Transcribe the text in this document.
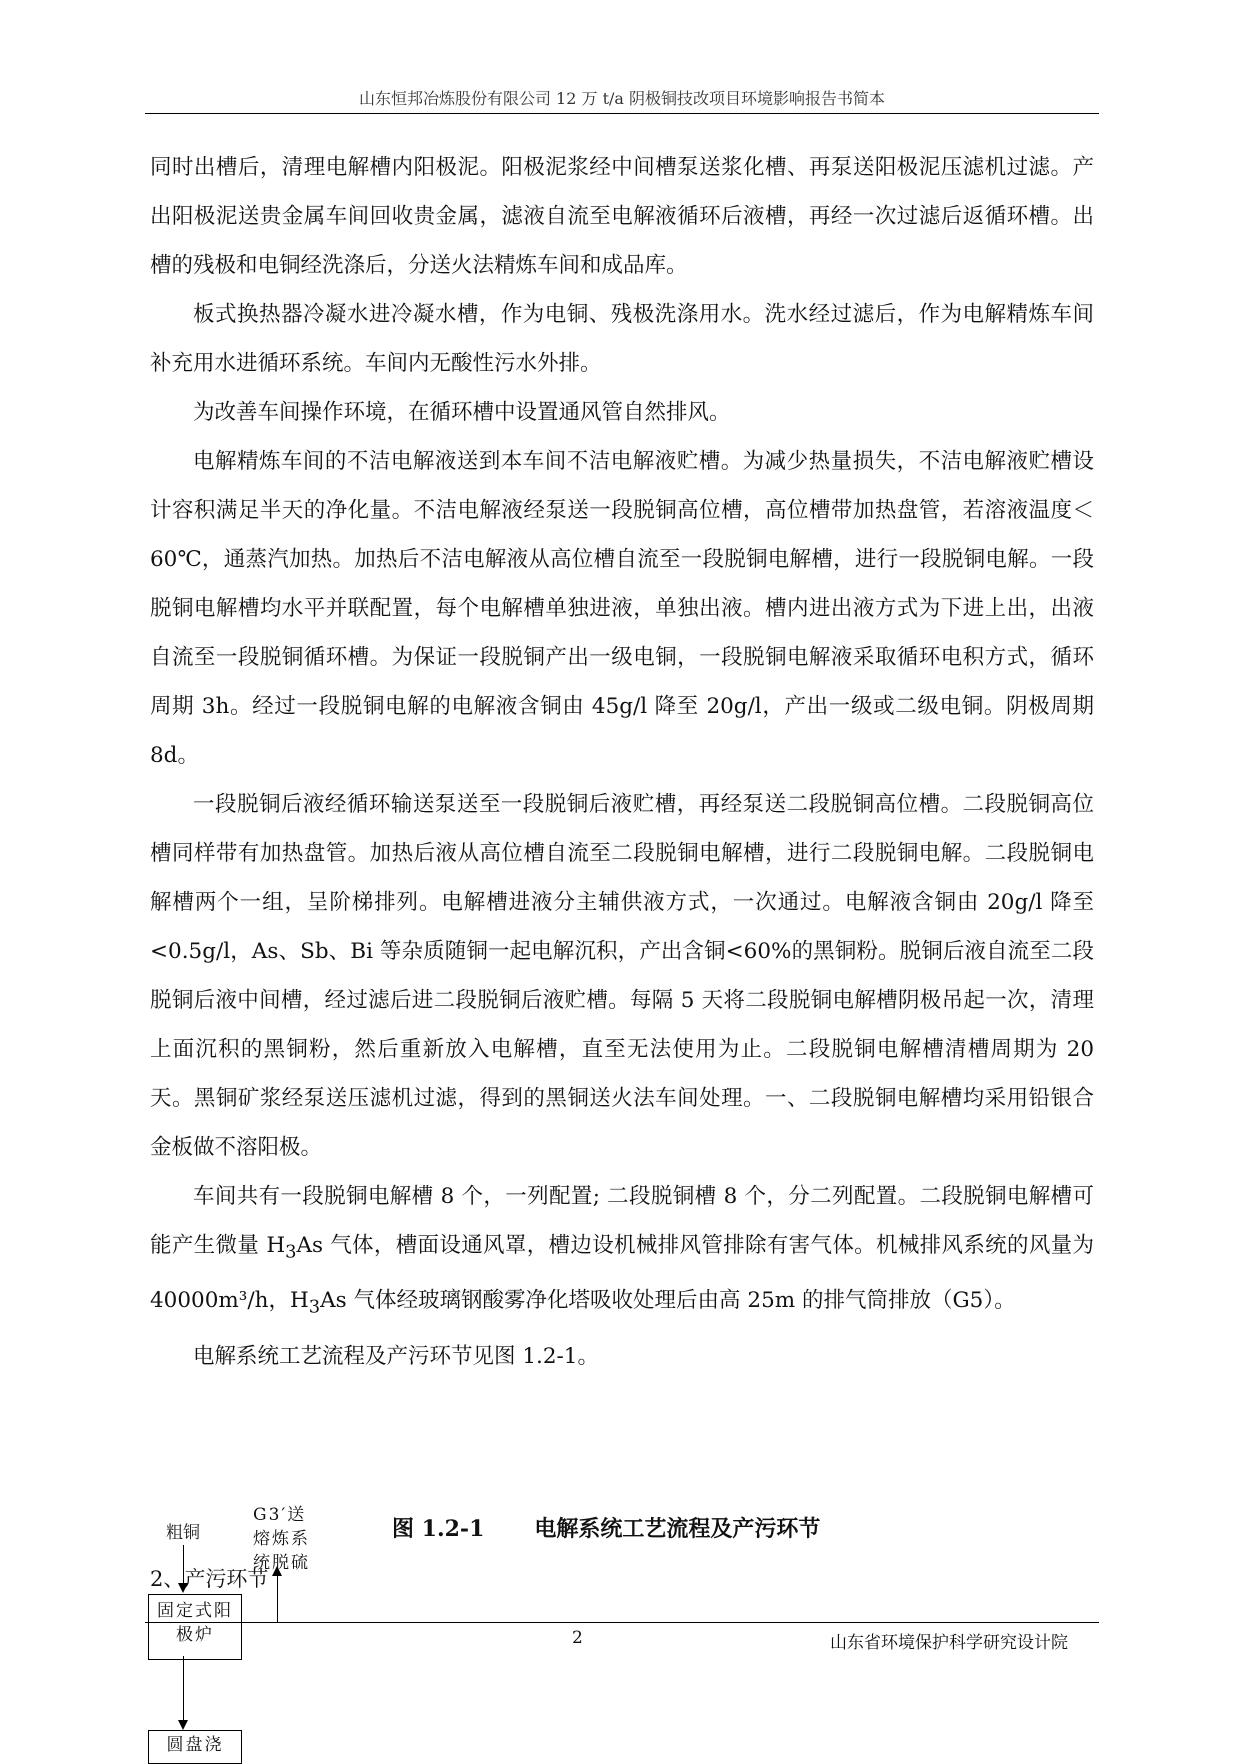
山东恒邦冶炼股份有限公司 12 万 t/a 阴极铜技改项目环境影响报告书简本

同时出槽后，清理电解槽内阳极泥。阳极泥浆经中间槽泵送浆化槽、再泵送阳极泥压滤机过滤。产出阳极泥送贵金属车间回收贵金属，滤液自流至电解液循环后液槽，再经一次过滤后返循环槽。出槽的残极和电铜经洗涤后，分送火法精炼车间和成品库。

板式换热器冷凝水进冷凝水槽，作为电铜、残极洗涤用水。洗水经过滤后，作为电解精炼车间补充用水进循环系统。车间内无酸性污水外排。

为改善车间操作环境，在循环槽中设置通风管自然排风。

电解精炼车间的不洁电解液送到本车间不洁电解液贮槽。为减少热量损失，不洁电解液贮槽设计容积满足半天的净化量。不洁电解液经泵送一段脱铜高位槽，高位槽带加热盘管，若溶液温度＜60℃，通蒸汽加热。加热后不洁电解液从高位槽自流至一段脱铜电解槽，进行一段脱铜电解。一段脱铜电解槽均水平并联配置，每个电解槽单独进液，单独出液。槽内进出液方式为下进上出，出液自流至一段脱铜循环槽。为保证一段脱铜产出一级电铜，一段脱铜电解液采取循环电积方式，循环周期 3h。经过一段脱铜电解的电解液含铜由 45g/l 降至 20g/l，产出一级或二级电铜。阴极周期 8d。

一段脱铜后液经循环输送泵送至一段脱铜后液贮槽，再经泵送二段脱铜高位槽。二段脱铜高位槽同样带有加热盘管。加热后液从高位槽自流至二段脱铜电解槽，进行二段脱铜电解。二段脱铜电解槽两个一组，呈阶梯排列。电解槽进液分主辅供液方式，一次通过。电解液含铜由 20g/l 降至<0.5g/l，As、Sb、Bi 等杂质随铜一起电解沉积，产出含铜<60%的黑铜粉。脱铜后液自流至二段脱铜后液中间槽，经过滤后进二段脱铜后液贮槽。每隔 5 天将二段脱铜电解槽阴极吊起一次，清理上面沉积的黑铜粉，然后重新放入电解槽，直至无法使用为止。二段脱铜电解槽清槽周期为 20 天。黑铜矿浆经泵送压滤机过滤，得到的黑铜送火法车间处理。一、二段脱铜电解槽均采用铅银合金板做不溶阳极。

车间共有一段脱铜电解槽 8 个，一列配置; 二段脱铜槽 8 个，分二列配置。二段脱铜电解槽可能产生微量 $H_3As$ 气体，槽面设通风罩，槽边设机械排风管排除有害气体。机械排风系统的风量为 40000m³/h，$H_3As$ 气体经玻璃钢酸雾净化塔吸收处理后由高 25m 的排气筒排放（G5）。

电解系统工艺流程及产污环节见图 1.2-1。

粗铜
G3′送熔炼系统脱硫
固定式阳极炉
圆盘浇
图 1.2-1 电解系统工艺流程及产污环节
2、产污环节
2	山东省环境保护科学研究设计院
